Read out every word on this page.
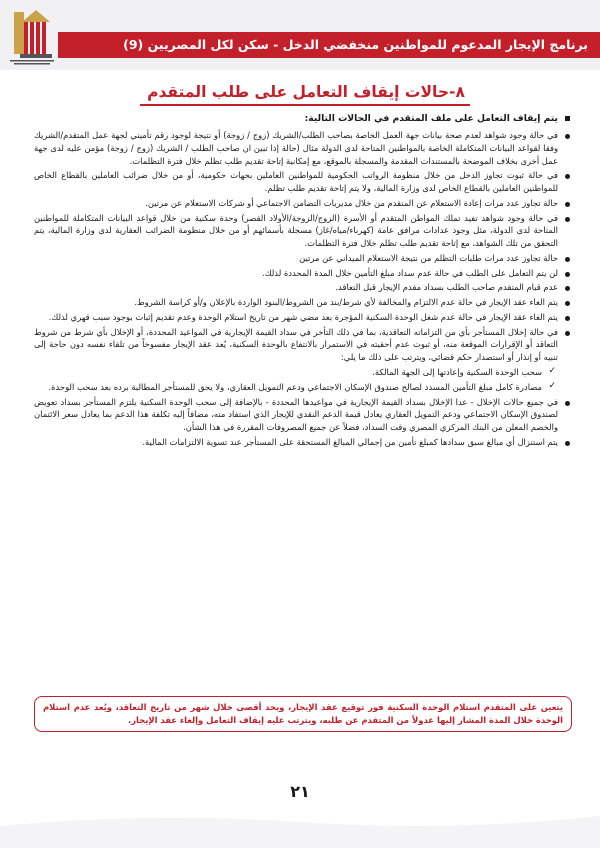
برنامج الإيجار المدعوم للمواطنين منخفضي الدخل - سكن لكل المصريين (9)
٨-حالات إيقاف التعامل على طلب المتقدم

يتم إيقاف التعامل على ملف المتقدم في الحالات التالية:

في حالة وجود شواهد لعدم صحة بيانات جهة العمل الخاصة بصاحب الطلب/الشريك (زوج / زوجة) أو نتيجة لوجود رقم تأميني لجهة عمل المتقدم/الشريك وفقا لقواعد البيانات المتكاملة الخاصة بالمواطنين المتاحة لدى الدولة مثال (حالة إذا تبين ان صاحب الطلب / الشريك (زوج / زوجة) مؤمن عليه لدى جهة عمل أخرى بخلاف الموضحة بالمستندات المقدمة والمسجلة بالموقع، مع إمكانية إتاحة تقديم طلب تظلم خلال فترة التظلمات.
في حالة ثبوت تجاوز الدخل من خلال منظومة الرواتب الحكومية للمواطنين العاملين بجهات حكومية، أو من خلال ضرائب العاملين بالقطاع الخاص للمواطنين العاملين بالقطاع الخاص لدى وزارة المالية، ولا يتم إتاحة تقديم طلب تظلم.
حالة تجاوز عدد مرات إعادة الاستعلام عن المتقدم من خلال مديريات التضامن الاجتماعي أو شركات الاستعلام عن مرتين.
في حالة وجود شواهد تفيد تملك المواطن المتقدم أو الأسرة (الزوج/الزوجة/الأولاد القصر) وحدة سكنية من خلال قواعد البيانات المتكاملة للمواطنين المتاحة لدى الدولة، مثل وجود عدادات مرافق عامة (كهرباء/مياه/غاز) مسجلة بأسمائهم أو من خلال منظومة الضرائب العقارية لدى وزارة المالية، يتم التحقق من تلك الشواهد، مع إتاحة تقديم طلب تظلم خلال فترة التظلمات.
حالة تجاوز عدد مرات طلبات التظلم من نتيجة الاستعلام الميداني عن مرتين
لن يتم التعامل على الطلب في حالة عدم سداد مبلغ التأمين خلال المدة المحددة لذلك.
عدم قيام المتقدم صاحب الطلب بسداد مقدم الإيجار قبل التعاقد.
يتم الغاء عقد الإيجار في حالة عدم الالتزام والمخالفة لأي شرط/بند من الشروط/البنود الواردة بالإعلان و/أو كراسة الشروط.
يتم الغاء عقد الإيجار في حالة عدم شغل الوحدة السكنية المؤجرة بعد مضي شهر من تاريخ استلام الوحدة وعدم تقديم إثبات بوجود سبب قهري لذلك.
في حالة إخلال المستأجر بأي من التزاماته التعاقدية، بما في ذلك التأخر في سداد القيمة الإيجارية في المواعيد المحددة، أو الإخلال بأي شرط من شروط التعاقد أو الإقرارات الموقعة منه، أو ثبوت عدم أحقيته في الاستمرار بالانتفاع بالوحدة السكنية، يُعد عقد الإيجار مفسوخاً من تلقاء نفسه دون حاجة إلى تنبيه أو إنذار أو استصدار حكم قضائي، ويترتب على ذلك ما يلي:
✓ سحب الوحدة السكنية وإعادتها إلى الجهة المالكة.
✓ مصادرة كامل مبلغ التأمين المسدد لصالح صندوق الإسكان الاجتماعي ودعم التمويل العقاري، ولا يحق للمستأجر المطالبة برده بعد سحب الوحدة.
في جميع حالات الإخلال - عدا الإخلال بسداد القيمة الإيجارية في مواعيدها المحددة - بالإضافة إلى سحب الوحدة السكنية يلتزم المستأجر بسداد تعويض لصندوق الإسكان الاجتماعي ودعم التمويل العقاري يعادل قيمة الدعم النقدي للإيجار الذي استفاد منه، مضافاً إليه تكلفة هذا الدعم بما يعادل سعر الائتمان والخصم المعلن من البنك المركزي المصري وقت السداد، فضلاً عن جميع المصروفات المقررة في هذا الشأن.
يتم استنزال أي مبالغ سبق سدادها كمبلغ تأمين من إجمالي المبالغ المستحقة على المستأجر عند تسوية الالتزامات المالية.
يتعين على المتقدم استلام الوحدة السكنية فور توقيع عقد الإيجار، وبحد أقصى خلال شهر من تاريخ التعاقد، ويُعد عدم استلام الوحدة خلال المدة المشار إليها عدولاً من المتقدم عن طلبه، ويترتب عليه إيقاف التعامل وإلغاء عقد الإيجار.
٢١
